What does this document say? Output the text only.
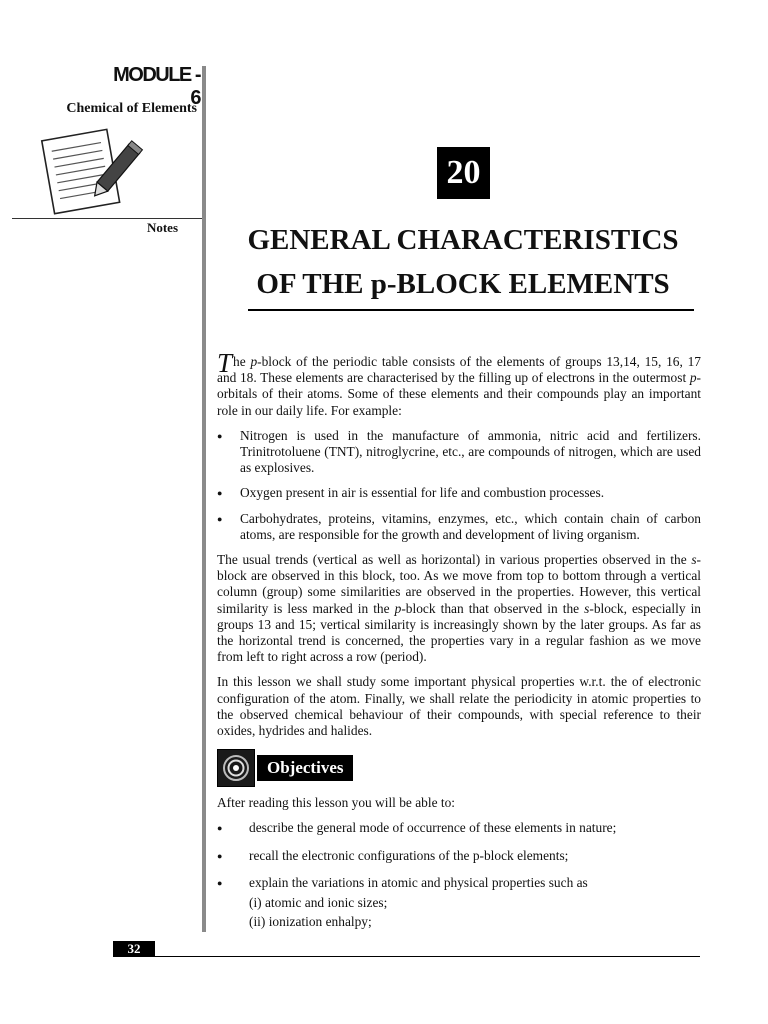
MODULE - 6
Chemical of Elements
Notes
20
GENERAL CHARACTERISTICS
OF THE p-BLOCK ELEMENTS

The p-block of the periodic table consists of the elements of groups 13,14, 15, 16, 17 and 18. These elements are characterised by the filling up of electrons in the outermost p-orbitals of their atoms. Some of these elements and their compounds play an important role in our daily life. For example:

● Nitrogen is used in the manufacture of ammonia, nitric acid and fertilizers. Trinitrotoluene (TNT), nitroglycrine, etc., are compounds of nitrogen, which are used as explosives.
● Oxygen present in air is essential for life and combustion processes.
● Carbohydrates, proteins, vitamins, enzymes, etc., which contain chain of carbon atoms, are responsible for the growth and development of living organism.

The usual trends (vertical as well as horizontal) in various properties observed in the s-block are observed in this block, too. As we move from top to bottom through a vertical column (group) some similarities are observed in the properties. However, this vertical similarity is less marked in the p-block than that observed in the s-block, especially in groups 13 and 15; vertical similarity is increasingly shown by the later groups. As far as the horizontal trend is concerned, the properties vary in a regular fashion as we move from left to right across a row (period).

In this lesson we shall study some important physical properties w.r.t. the of electronic configuration of the atom. Finally, we shall relate the periodicity in atomic properties to the observed chemical behaviour of their compounds, with special reference to their oxides, hydrides and halides.

Objectives

After reading this lesson you will be able to:

● describe the general mode of occurrence of these elements in nature;
● recall the electronic configurations of the p-block elements;
● explain the variations in atomic and physical properties such as
(i) atomic and ionic sizes;
(ii) ionization enhalpy;
32
